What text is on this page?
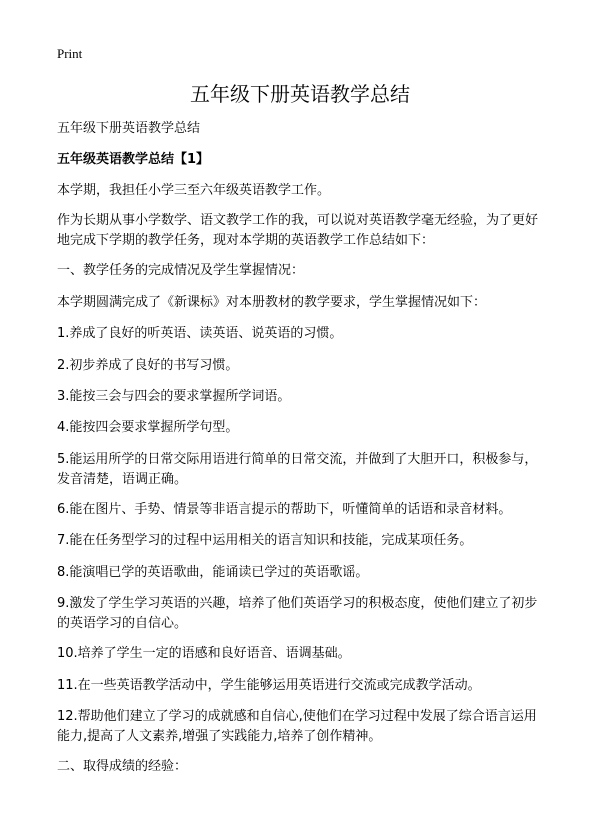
Print
五年级下册英语教学总结

五年级下册英语教学总结

五年级英语教学总结【1】

本学期，我担任小学三至六年级英语教学工作。

作为长期从事小学数学、语文教学工作的我，可以说对英语教学毫无经验，为了更好地完成下学期的教学任务，现对本学期的英语教学工作总结如下：

一、教学任务的完成情况及学生掌握情况：

本学期圆满完成了《新课标》对本册教材的教学要求，学生掌握情况如下：

1.养成了良好的听英语、读英语、说英语的习惯。

2.初步养成了良好的书写习惯。

3.能按三会与四会的要求掌握所学词语。

4.能按四会要求掌握所学句型。

5.能运用所学的日常交际用语进行简单的日常交流，并做到了大胆开口，积极参与，发音清楚，语调正确。

6.能在图片、手势、情景等非语言提示的帮助下，听懂简单的话语和录音材料。

7.能在任务型学习的过程中运用相关的语言知识和技能，完成某项任务。

8.能演唱已学的英语歌曲，能诵读已学过的英语歌谣。

9.激发了学生学习英语的兴趣，培养了他们英语学习的积极态度，使他们建立了初步的英语学习的自信心。

10.培养了学生一定的语感和良好语音、语调基础。

11.在一些英语教学活动中，学生能够运用英语进行交流或完成教学活动。

12.帮助他们建立了学习的成就感和自信心,使他们在学习过程中发展了综合语言运用能力,提高了人文素养,增强了实践能力,培养了创作精神。

二、取得成绩的经验：
